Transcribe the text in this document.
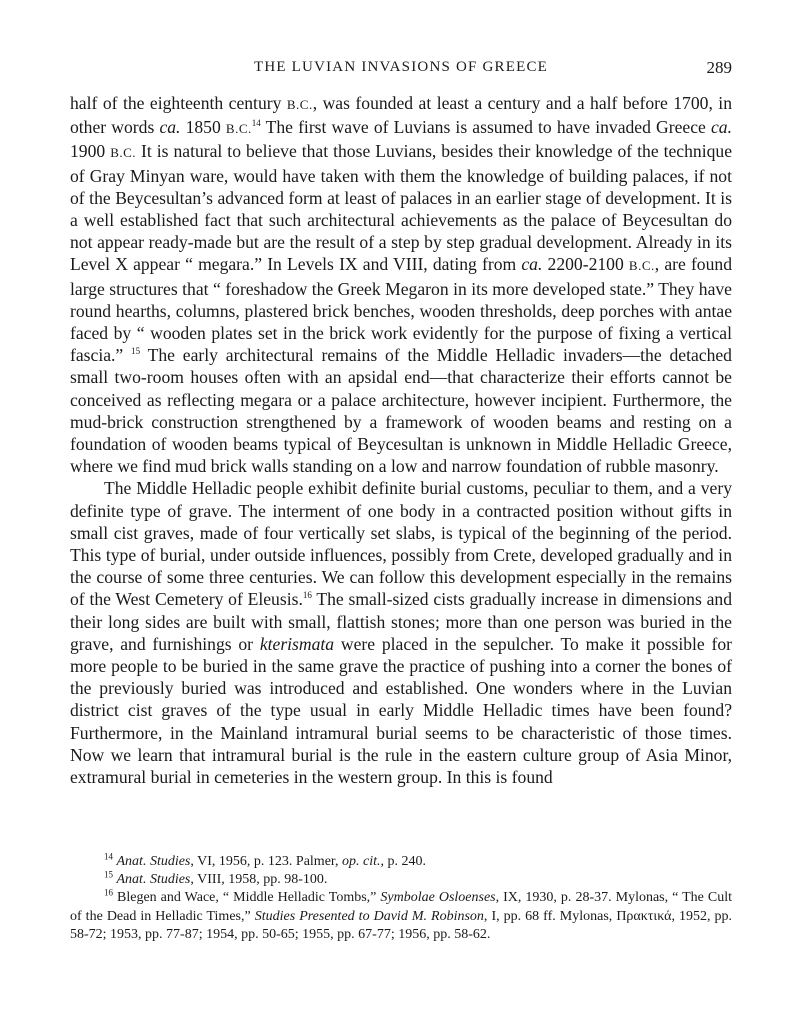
THE LUVIAN INVASIONS OF GREECE	289

half of the eighteenth century B.C., was founded at least a century and a half before 1700, in other words ca. 1850 B.C.$^{14}$ The first wave of Luvians is assumed to have invaded Greece ca. 1900 B.C. It is natural to believe that those Luvians, besides their knowledge of the technique of Gray Minyan ware, would have taken with them the knowledge of building palaces, if not of the Beycesultan’s advanced form at least of palaces in an earlier stage of development. It is a well established fact that such architectural achievements as the palace of Beycesultan do not appear ready-made but are the result of a step by step gradual development. Already in its Level X appear “ megara.” In Levels IX and VIII, dating from ca. 2200-2100 B.C., are found large structures that “ foreshadow the Greek Megaron in its more developed state.” They have round hearths, columns, plastered brick benches, wooden thresholds, deep porches with antae faced by “ wooden plates set in the brick work evidently for the purpose of fixing a vertical fascia.” $^{15}$ The early architectural remains of the Middle Helladic invaders—the detached small two-room houses often with an apsidal end—that characterize their efforts cannot be conceived as reflecting megara or a palace architecture, however incipient. Furthermore, the mud-brick construction strengthened by a framework of wooden beams and resting on a foundation of wooden beams typical of Beycesultan is unknown in Middle Helladic Greece, where we find mud brick walls standing on a low and narrow foundation of rubble masonry.

The Middle Helladic people exhibit definite burial customs, peculiar to them, and a very definite type of grave. The interment of one body in a contracted position without gifts in small cist graves, made of four vertically set slabs, is typical of the beginning of the period. This type of burial, under outside influences, possibly from Crete, developed gradually and in the course of some three centuries. We can follow this development especially in the remains of the West Cemetery of Eleusis.$^{16}$ The small-sized cists gradually increase in dimensions and their long sides are built with small, flattish stones; more than one person was buried in the grave, and furnishings or kterismata were placed in the sepulcher. To make it possible for more people to be buried in the same grave the practice of pushing into a corner the bones of the previously buried was introduced and established. One wonders where in the Luvian district cist graves of the type usual in early Middle Helladic times have been found? Furthermore, in the Mainland intramural burial seems to be characteristic of those times. Now we learn that intramural burial is the rule in the eastern culture group of Asia Minor, extramural burial in cemeteries in the western group. In this is found

$^{14}$ Anat. Studies, VI, 1956, p. 123. Palmer, op. cit., p. 240.

$^{15}$ Anat. Studies, VIII, 1958, pp. 98-100.

$^{16}$ Blegen and Wace, “ Middle Helladic Tombs,” Symbolae Osloenses, IX, 1930, p. 28-37. Mylonas, “ The Cult of the Dead in Helladic Times,” Studies Presented to David M. Robinson, I, pp. 68 ff. Mylonas, Πρακτικά, 1952, pp. 58-72; 1953, pp. 77-87; 1954, pp. 50-65; 1955, pp. 67-77; 1956, pp. 58-62.
